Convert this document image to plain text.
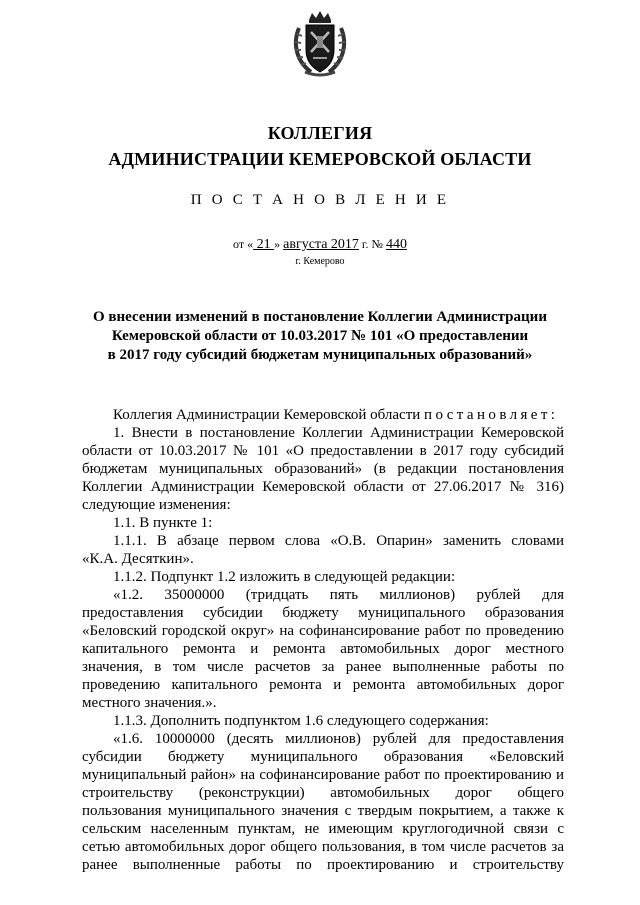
КОЛЛЕГИЯ
АДМИНИСТРАЦИИ КЕМЕРОВСКОЙ ОБЛАСТИ
П О С Т А Н О В Л Е Н И Е
от « 21 » августа 2017 г. № 440
г. Кемерово
О внесении изменений в постановление Коллегии Администрации
Кемеровской области от 10.03.2017 № 101 «О предоставлении
в 2017 году субсидий бюджетам муниципальных образований»
Коллегия Администрации Кемеровской области постановляет:
1. Внести в постановление Коллегии Администрации Кемеровской
области от 10.03.2017 № 101 «О предоставлении в 2017 году субсидий
бюджетам муниципальных образований» (в редакции постановления
Коллегии Администрации Кемеровской области от 27.06.2017 № 316)
следующие изменения:
1.1. В пункте 1:
1.1.1. В абзаце первом слова «О.В. Опарин» заменить словами
«К.А. Десяткин».
1.1.2. Подпункт 1.2 изложить в следующей редакции:
«1.2. 35000000 (тридцать пять миллионов) рублей для
предоставления субсидии бюджету муниципального образования
«Беловский городской округ» на софинансирование работ по проведению
капитального ремонта и ремонта автомобильных дорог местного
значения, в том числе расчетов за ранее выполненные работы по
проведению капитального ремонта и ремонта автомобильных дорог
местного значения.».
1.1.3. Дополнить подпунктом 1.6 следующего содержания:
«1.6. 10000000 (десять миллионов) рублей для предоставления
субсидии бюджету муниципального образования «Беловский
муниципальный район» на софинансирование работ по проектированию и
строительству (реконструкции) автомобильных дорог общего
пользования муниципального значения с твердым покрытием, а также к
сельским населенным пунктам, не имеющим круглогодичной связи с
сетью автомобильных дорог общего пользования, в том числе расчетов за
ранее выполненные работы по проектированию и строительству
